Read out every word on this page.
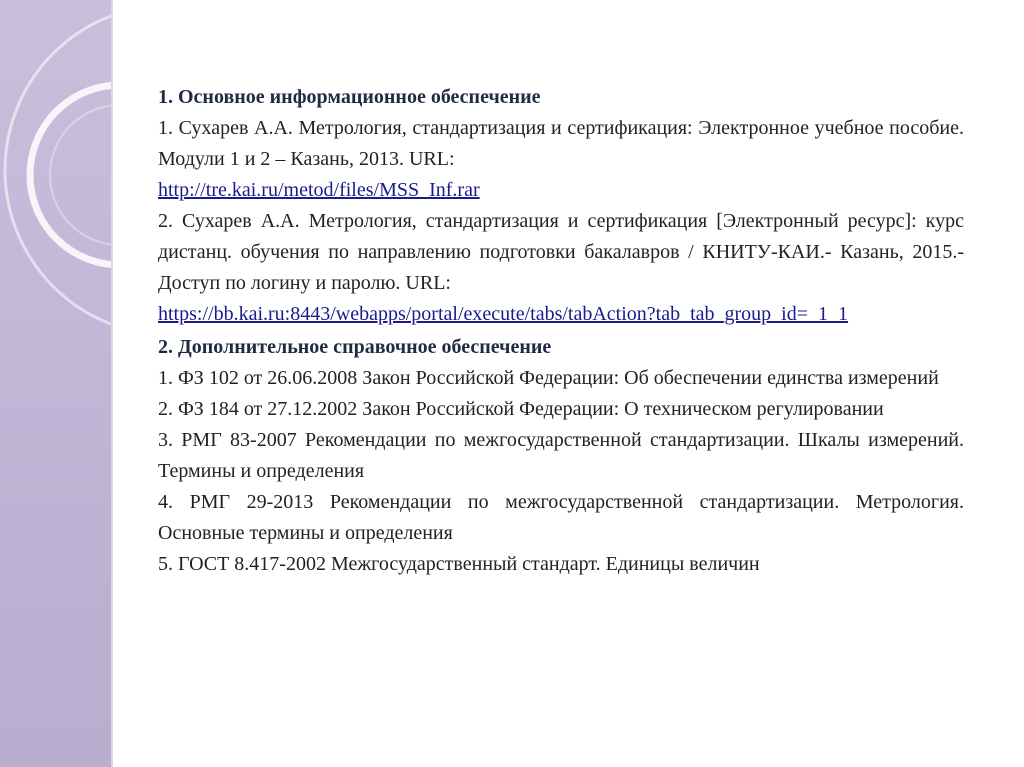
1. Основное информационное обеспечение

1. Сухарев А.А. Метрология, стандартизация и сертификация: Электронное учебное пособие. Модули 1 и 2 – Казань, 2013. URL:
http://tre.kai.ru/metod/files/MSS_Inf.rar

2. Сухарев А.А. Метрология, стандартизация и сертификация [Электронный ресурс]: курс дистанц. обучения по направлению подготовки бакалавров / КНИТУ-КАИ.- Казань, 2015.-Доступ по логину и паролю. URL:
https://bb.kai.ru:8443/webapps/portal/execute/tabs/tabAction?tab_tab_group_id=_1_1

2. Дополнительное справочное обеспечение

1. ФЗ 102 от 26.06.2008 Закон Российской Федерации: Об обеспечении единства измерений

2. ФЗ 184 от 27.12.2002 Закон Российской Федерации: О техническом регулировании

3. РМГ 83-2007 Рекомендации по межгосударственной стандартизации. Шкалы измерений. Термины и определения

4. РМГ 29-2013 Рекомендации по межгосударственной стандартизации. Метрология. Основные термины и определения

5. ГОСТ 8.417-2002 Межгосударственный стандарт. Единицы величин
